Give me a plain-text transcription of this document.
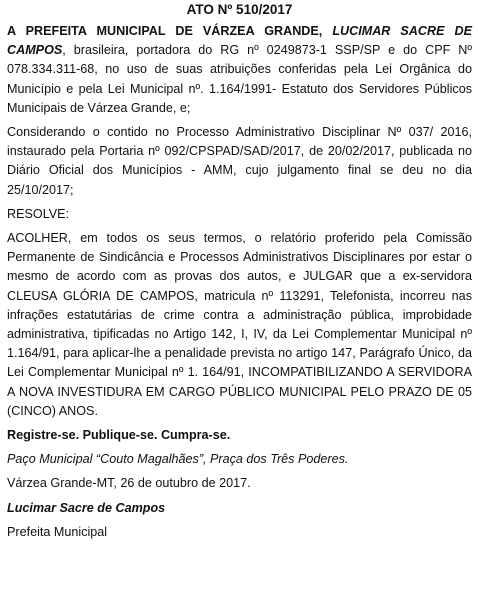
ATO Nº 510/2017

A PREFEITA MUNICIPAL DE VÁRZEA GRANDE, LUCIMAR SACRE DE CAMPOS, brasileira, portadora do RG nº 0249873-1 SSP/SP e do CPF Nº 078.334.311-68, no uso de suas atribuições conferidas pela Lei Orgânica do Município e pela Lei Municipal nº. 1.164/1991- Estatuto dos Servidores Públicos Municipais de Várzea Grande, e;

Considerando o contido no Processo Administrativo Disciplinar Nº 037/ 2016, instaurado pela Portaria nº 092/CPSPAD/SAD/2017, de 20/02/2017, publicada no Diário Oficial dos Municípios - AMM, cujo julgamento final se deu no dia 25/10/2017;

RESOLVE:

ACOLHER, em todos os seus termos, o relatório proferido pela Comissão Permanente de Sindicância e Processos Administrativos Disciplinares por estar o mesmo de acordo com as provas dos autos, e JULGAR que a ex-servidora CLEUSA GLÓRIA DE CAMPOS, matricula nº 113291, Telefonista, incorreu nas infrações estatutárias de crime contra a administração pública, improbidade administrativa, tipificadas no Artigo 142, I, IV, da Lei Complementar Municipal nº 1.164/91, para aplicar-lhe a penalidade prevista no artigo 147, Parágrafo Único, da Lei Complementar Municipal nº 1. 164/91, INCOMPATIBILIZANDO A SERVIDORA A NOVA INVESTIDURA EM CARGO PÚBLICO MUNICIPAL PELO PRAZO DE 05 (CINCO) ANOS.

Registre-se. Publique-se. Cumpra-se.

Paço Municipal “Couto Magalhães”, Praça dos Três Poderes.

Várzea Grande-MT, 26 de outubro de 2017.

Lucimar Sacre de Campos

Prefeita Municipal
